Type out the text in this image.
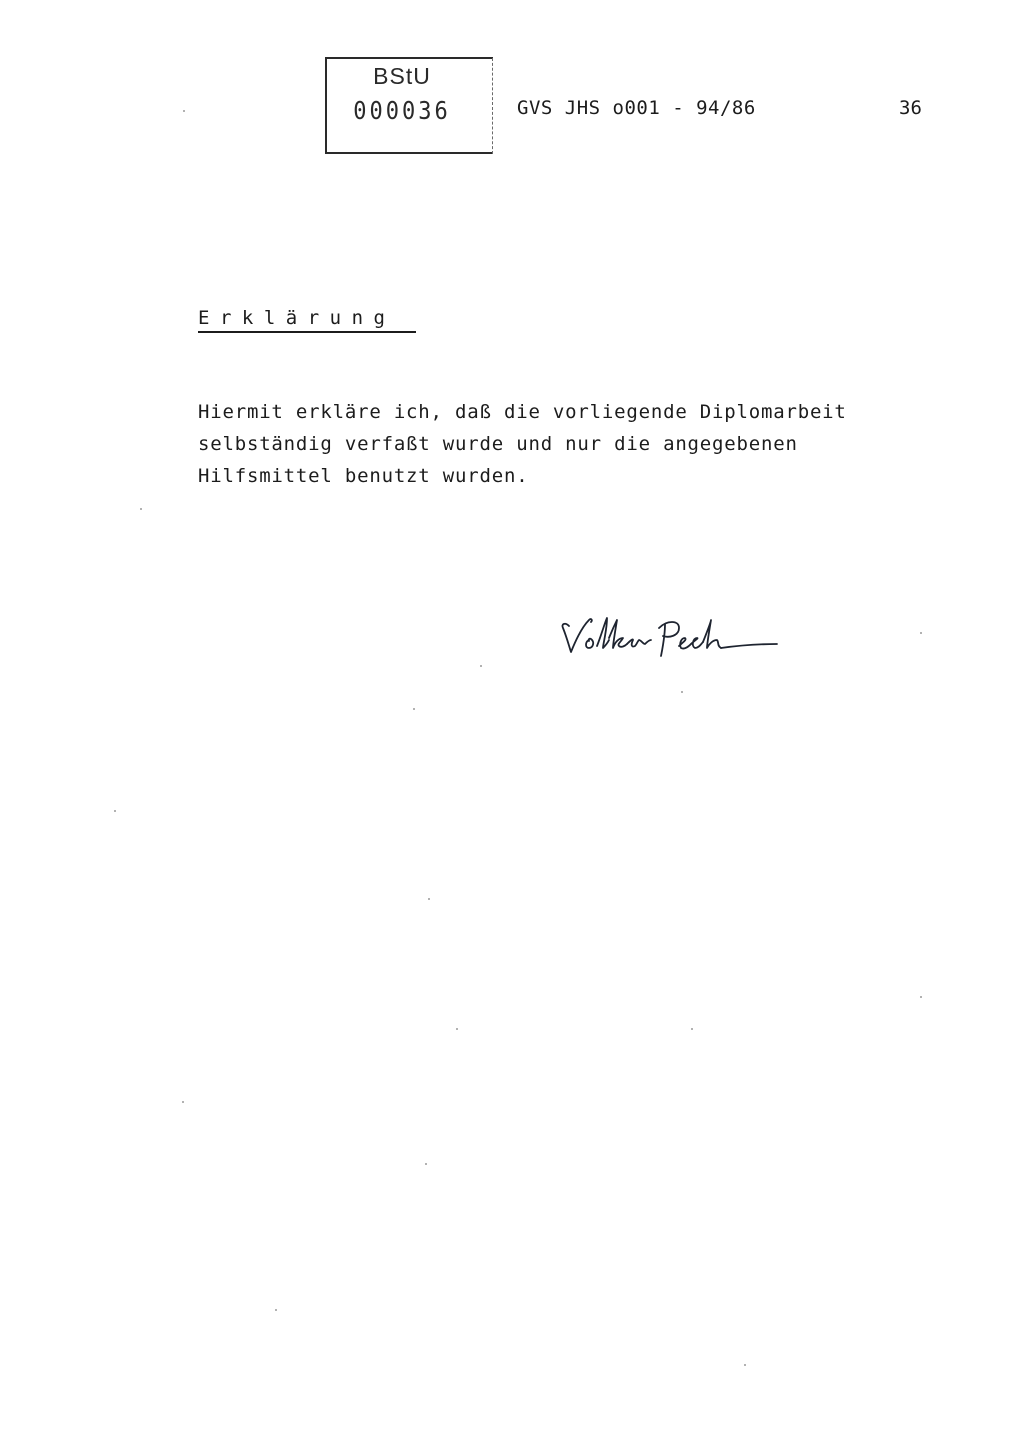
BStU
000036	GVS JHS o001 - 94/86	36
Erklärung
Hiermit erkläre ich, daß die vorliegende Diplomarbeit
selbständig verfaßt wurde und nur die angegebenen
Hilfsmittel benutzt wurden.
